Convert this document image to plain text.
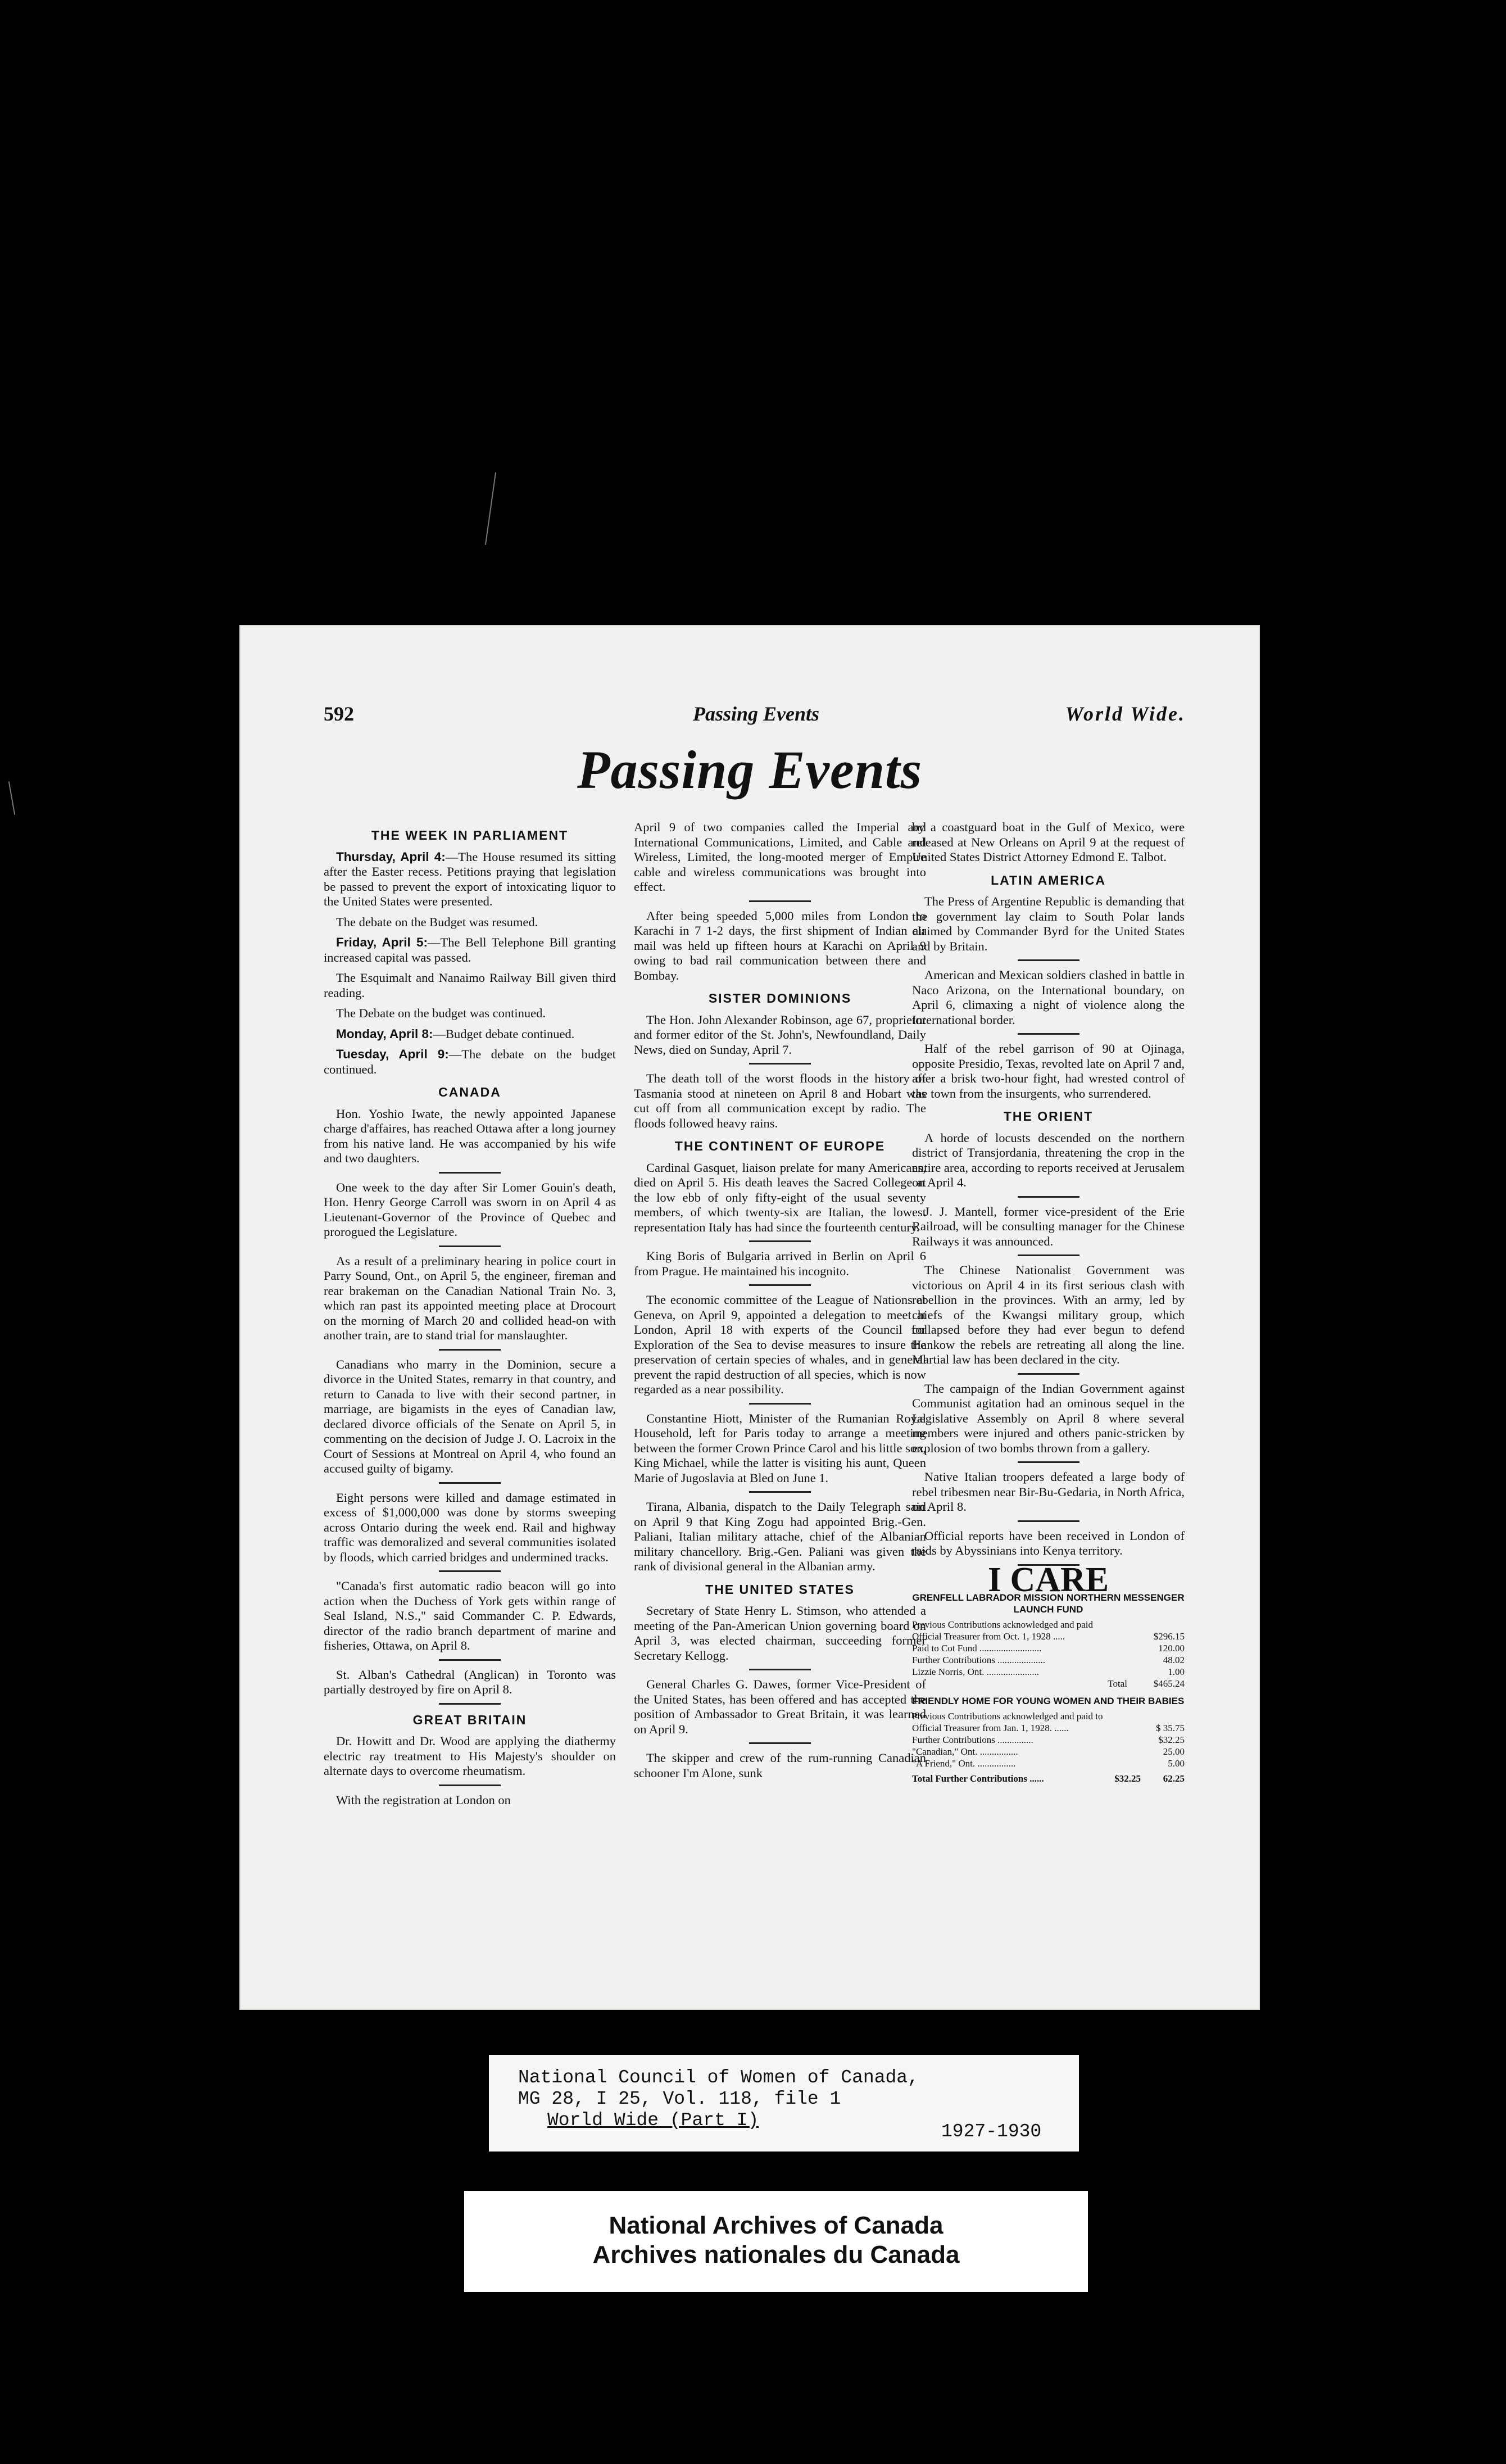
592	Passing Events	World Wide.
Passing Events
THE WEEK IN PARLIAMENT

Thursday, April 4:—The House resumed its sitting after the Easter recess. Petitions praying that legislation be passed to prevent the export of intoxicating liquor to the United States were presented.

The debate on the Budget was resumed.

Friday, April 5:—The Bell Telephone Bill granting increased capital was passed.

The Esquimalt and Nanaimo Railway Bill given third reading.

The Debate on the budget was continued.

Monday, April 8:—Budget debate continued.

Tuesday, April 9:—The debate on the budget continued.

CANADA

Hon. Yoshio Iwate, the newly appointed Japanese charge d'affaires, has reached Ottawa after a long journey from his native land. He was accompanied by his wife and two daughters.

One week to the day after Sir Lomer Gouin's death, Hon. Henry George Carroll was sworn in on April 4 as Lieutenant-Governor of the Province of Quebec and prorogued the Legislature.

As a result of a preliminary hearing in police court in Parry Sound, Ont., on April 5, the engineer, fireman and rear brakeman on the Canadian National Train No. 3, which ran past its appointed meeting place at Drocourt on the morning of March 20 and collided head-on with another train, are to stand trial for manslaughter.

Canadians who marry in the Dominion, secure a divorce in the United States, remarry in that country, and return to Canada to live with their second partner, in marriage, are bigamists in the eyes of Canadian law, declared divorce officials of the Senate on April 5, in commenting on the decision of Judge J. O. Lacroix in the Court of Sessions at Montreal on April 4, who found an accused guilty of bigamy.

Eight persons were killed and damage estimated in excess of $1,000,000 was done by storms sweeping across Ontario during the week end. Rail and highway traffic was demoralized and several communities isolated by floods, which carried bridges and undermined tracks.

"Canada's first automatic radio beacon will go into action when the Duchess of York gets within range of Seal Island, N.S.," said Commander C. P. Edwards, director of the radio branch department of marine and fisheries, Ottawa, on April 8.

St. Alban's Cathedral (Anglican) in Toronto was partially destroyed by fire on April 8.

GREAT BRITAIN

Dr. Howitt and Dr. Wood are applying the diathermy electric ray treatment to His Majesty's shoulder on alternate days to overcome rheumatism.

With the registration at London on

April 9 of two companies called the Imperial and International Communications, Limited, and Cable and Wireless, Limited, the long-mooted merger of Empire cable and wireless communications was brought into effect.

After being speeded 5,000 miles from London to Karachi in 7 1-2 days, the first shipment of Indian air mail was held up fifteen hours at Karachi on April 9 owing to bad rail communication between there and Bombay.

SISTER DOMINIONS

The Hon. John Alexander Robinson, age 67, proprietor and former editor of the St. John's, Newfoundland, Daily News, died on Sunday, April 7.

The death toll of the worst floods in the history of Tasmania stood at nineteen on April 8 and Hobart was cut off from all communication except by radio. The floods followed heavy rains.

THE CONTINENT OF EUROPE

Cardinal Gasquet, liaison prelate for many Americans, died on April 5. His death leaves the Sacred College at the low ebb of only fifty-eight of the usual seventy members, of which twenty-six are Italian, the lowest representation Italy has had since the fourteenth century.

King Boris of Bulgaria arrived in Berlin on April 6 from Prague. He maintained his incognito.

The economic committee of the League of Nations at Geneva, on April 9, appointed a delegation to meet at London, April 18 with experts of the Council for Exploration of the Sea to devise measures to insure the preservation of certain species of whales, and in general prevent the rapid destruction of all species, which is now regarded as a near possibility.

Constantine Hiott, Minister of the Rumanian Royal Household, left for Paris today to arrange a meeting between the former Crown Prince Carol and his little son, King Michael, while the latter is visiting his aunt, Queen Marie of Jugoslavia at Bled on June 1.

Tirana, Albania, dispatch to the Daily Telegraph said on April 9 that King Zogu had appointed Brig.-Gen. Paliani, Italian military attache, chief of the Albanian military chancellory. Brig.-Gen. Paliani was given the rank of divisional general in the Albanian army.

THE UNITED STATES

Secretary of State Henry L. Stimson, who attended a meeting of the Pan-American Union governing board on April 3, was elected chairman, succeeding former Secretary Kellogg.

General Charles G. Dawes, former Vice-President of the United States, has been offered and has accepted the position of Ambassador to Great Britain, it was learned on April 9.

The skipper and crew of the rum-running Canadian schooner I'm Alone, sunk

by a coastguard boat in the Gulf of Mexico, were released at New Orleans on April 9 at the request of United States District Attorney Edmond E. Talbot.

LATIN AMERICA

The Press of Argentine Republic is demanding that the government lay claim to South Polar lands claimed by Commander Byrd for the United States and by Britain.

American and Mexican soldiers clashed in battle in Naco Arizona, on the International boundary, on April 6, climaxing a night of violence along the International border.

Half of the rebel garrison of 90 at Ojinaga, opposite Presidio, Texas, revolted late on April 7 and, after a brisk two-hour fight, had wrested control of the town from the insurgents, who surrendered.

THE ORIENT

A horde of locusts descended on the northern district of Transjordania, threatening the crop in the entire area, according to reports received at Jerusalem on April 4.

J. J. Mantell, former vice-president of the Erie Railroad, will be consulting manager for the Chinese Railways it was announced.

The Chinese Nationalist Government was victorious on April 4 in its first serious clash with rebellion in the provinces. With an army, led by chiefs of the Kwangsi military group, which collapsed before they had ever begun to defend Hankow the rebels are retreating all along the line. Martial law has been declared in the city.

The campaign of the Indian Government against Communist agitation had an ominous sequel in the Legislative Assembly on April 8 where several members were injured and others panic-stricken by explosion of two bombs thrown from a gallery.

Native Italian troopers defeated a large body of rebel tribesmen near Bir-Bu-Gedaria, in North Africa, on April 8.

Official reports have been received in London of raids by Abyssinians into Kenya territory.

I CARE
GRENFELL LABRADOR MISSION NORTHERN MESSENGER LAUNCH FUND
Previous Contributions acknowledged and paid	
Official Treasurer from Oct. 1, 1928 .....	$296.15
Paid to Cot Fund ..........................	120.00
Further Contributions ....................	48.02
Lizzie Norris, Ont. ......................	1.00
Total	$465.24
FRIENDLY HOME FOR YOUNG WOMEN AND THEIR BABIES
Previous Contributions acknowledged and paid to	
Official Treasurer from Jan. 1, 1928. ......	$ 35.75
Further Contributions ...............	$32.25
"Canadian," Ont. ................	25.00
"A Friend," Ont. ................	5.00
Total Further Contributions ......	$32.25	62.25
National Council of Women of Canada,
MG 28, I 25, Vol. 118, file 1
World Wide (Part I)
1927-1930
National Archives of Canada
Archives nationales du Canada
